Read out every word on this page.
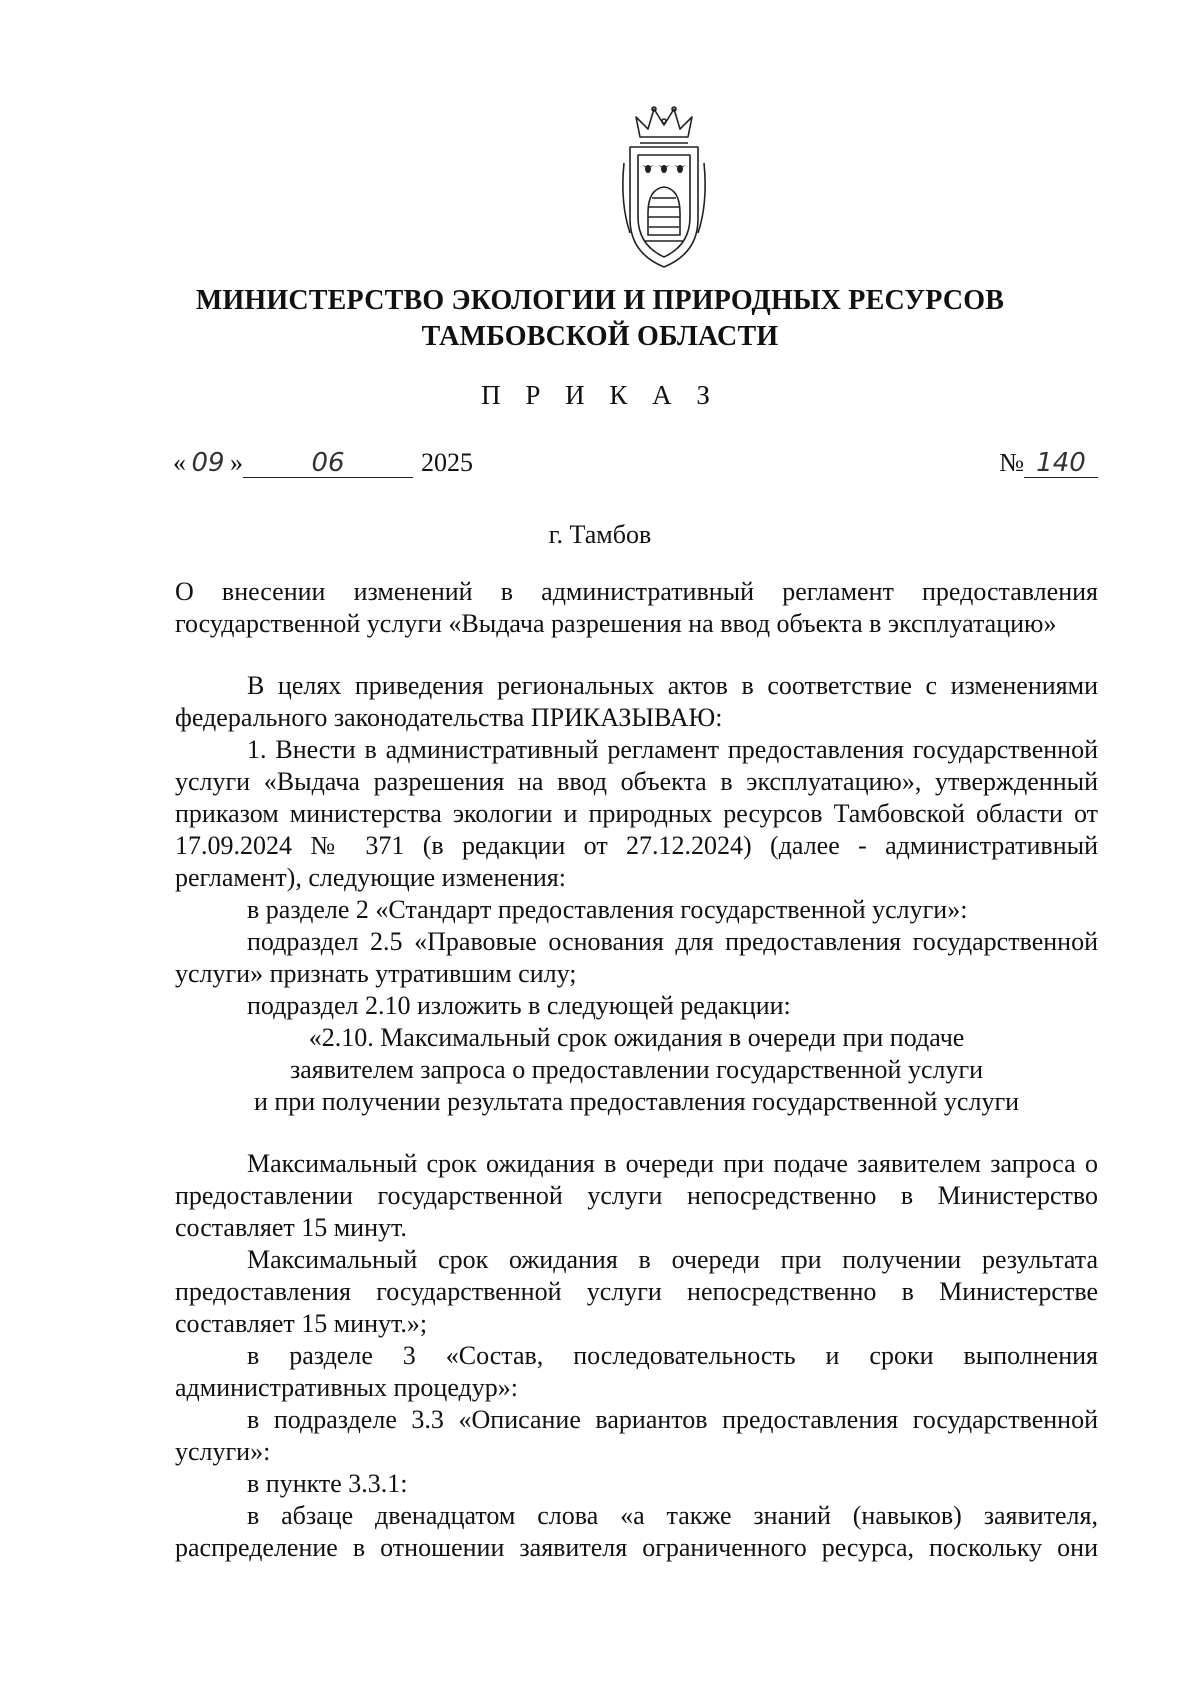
МИНИСТЕРСТВО ЭКОЛОГИИ И ПРИРОДНЫХ РЕСУРСОВ
ТАМБОВСКОЙ ОБЛАСТИ
П Р И К А З
« 09 »	06	2025	№ 140
г. Тамбов

О внесении изменений в административный регламент предоставления государственной услуги «Выдача разрешения на ввод объекта в эксплуатацию»

В целях приведения региональных актов в соответствие с изменениями федерального законодательства ПРИКАЗЫВАЮ:

1. Внести в административный регламент предоставления государственной услуги «Выдача разрешения на ввод объекта в эксплуатацию», утвержденный приказом министерства экологии и природных ресурсов Тамбовской области от 17.09.2024 № 371 (в редакции от 27.12.2024) (далее - административный регламент), следующие изменения:

в разделе 2 «Стандарт предоставления государственной услуги»:

подраздел 2.5 «Правовые основания для предоставления государственной услуги» признать утратившим силу;

подраздел 2.10 изложить в следующей редакции:

«2.10. Максимальный срок ожидания в очереди при подаче

заявителем запроса о предоставлении государственной услуги

и при получении результата предоставления государственной услуги

Максимальный срок ожидания в очереди при подаче заявителем запроса о предоставлении государственной услуги непосредственно в Министерство составляет 15 минут.

Максимальный срок ожидания в очереди при получении результата предоставления государственной услуги непосредственно в Министерстве составляет 15 минут.»;

в разделе 3 «Состав, последовательность и сроки выполнения административных процедур»:

в подразделе 3.3 «Описание вариантов предоставления государственной услуги»:

в пункте 3.3.1:

в абзаце двенадцатом слова «а также знаний (навыков) заявителя, распределение в отношении заявителя ограниченного ресурса, поскольку они
